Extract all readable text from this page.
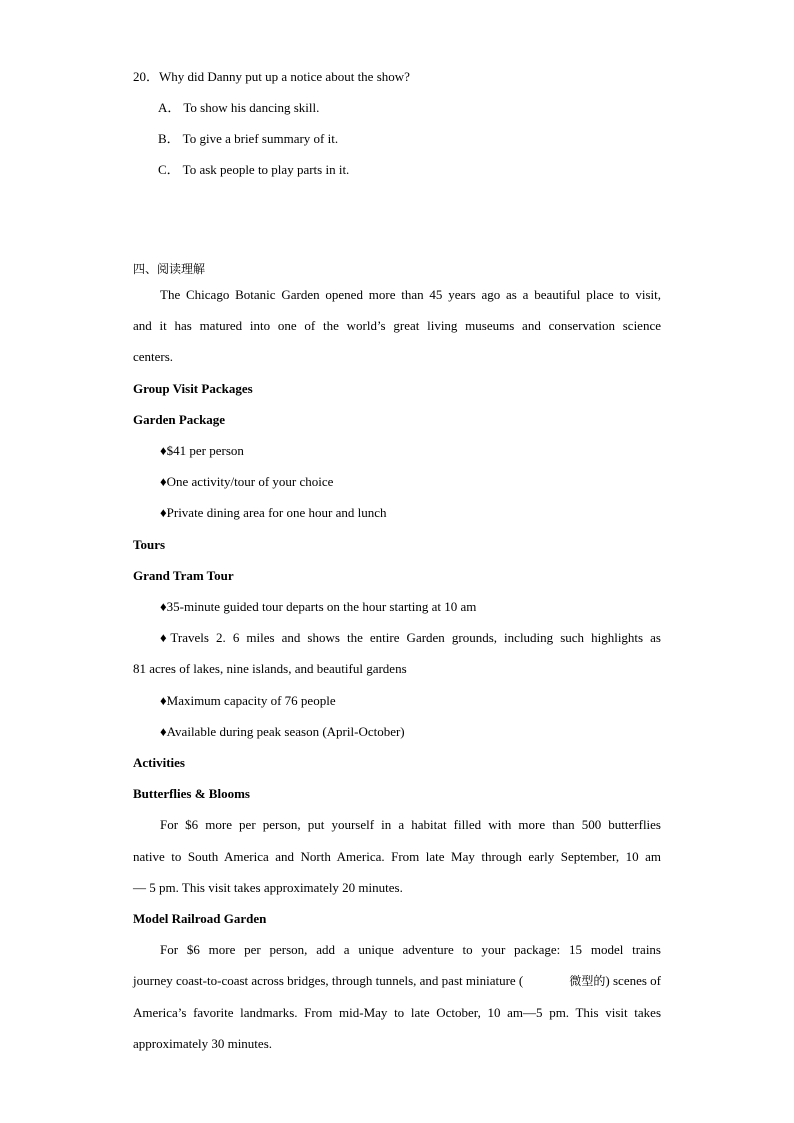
20．Why did Danny put up a notice about the show?
A． To show his dancing skill.
B． To give a brief summary of it.
C． To ask people to play parts in it.
四、阅读理解
The Chicago Botanic Garden opened more than 45 years ago as a beautiful place to visit,
and it has matured into one of the world’s great living museums and conservation science
centers.
Group Visit Packages
Garden Package
♦$41 per person
♦One activity/tour of your choice
♦Private dining area for one hour and lunch
Tours
Grand Tram Tour
♦35-minute guided tour departs on the hour starting at 10 am
♦Travels 2. 6 miles and shows the entire Garden grounds, including such highlights as
81 acres of lakes, nine islands, and beautiful gardens
♦Maximum capacity of 76 people
♦Available during peak season (April-October)
Activities
Butterflies & Blooms
For $6 more per person, put yourself in a habitat filled with more than 500 butterflies
native to South America and North America. From late May through early September, 10 am
— 5 pm. This visit takes approximately 20 minutes.
Model Railroad Garden
For $6 more per person, add a unique adventure to your package: 15 model trains
journey coast-to-coast across bridges, through tunnels, and past miniature (	微型的 ) scenes of
America’s favorite landmarks. From mid-May to late October, 10 am—5 pm. This visit takes
approximately 30 minutes.
